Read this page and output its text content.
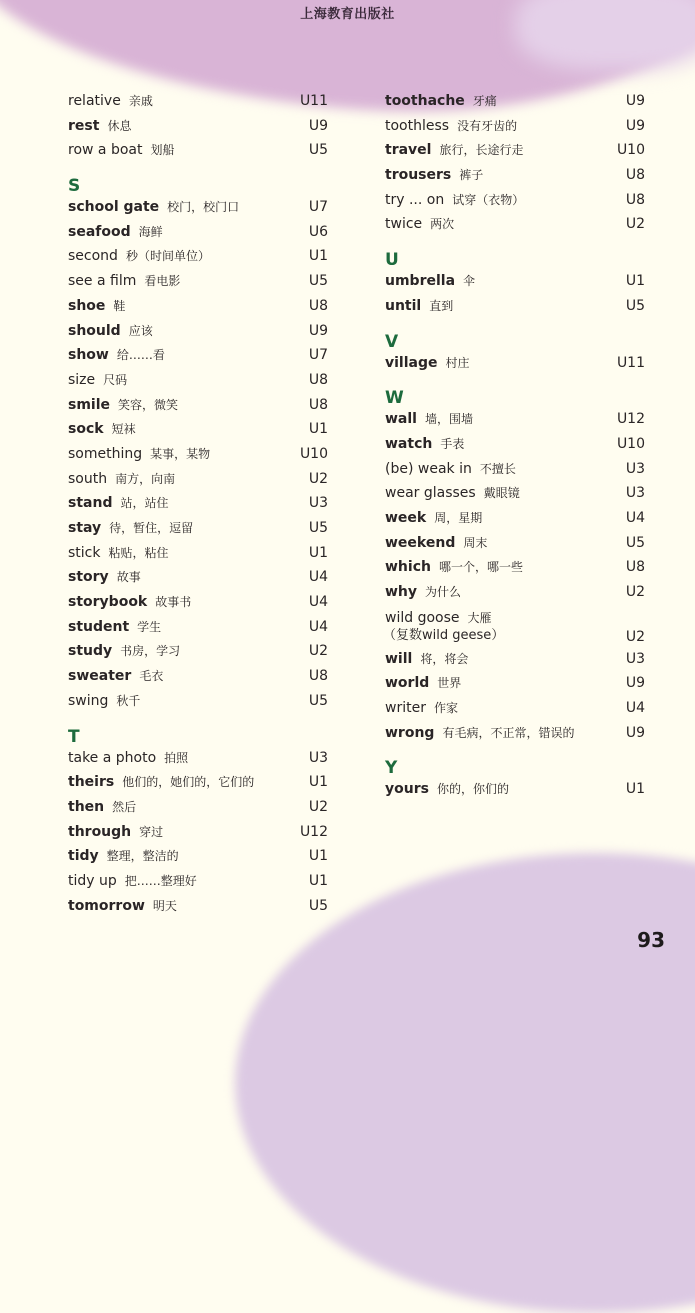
上海教育出版社
relative 亲戚	U11
rest 休息	U9
row a boat 划船	U5
S
school gate 校门，校门口	U7
seafood 海鲜	U6
second 秒（时间单位）	U1
see a film 看电影	U5
shoe 鞋	U8
should 应该	U9
show 给……看	U7
size 尺码	U8
smile 笑容，微笑	U8
sock 短袜	U1
something 某事，某物	U10
south 南方，向南	U2
stand 站，站住	U3
stay 待，暂住，逗留	U5
stick 粘贴，粘住	U1
story 故事	U4
storybook 故事书	U4
student 学生	U4
study 书房，学习	U2
sweater 毛衣	U8
swing 秋千	U5
T
take a photo 拍照	U3
theirs 他们的，她们的，它们的	U1
then 然后	U2
through 穿过	U12
tidy 整理，整洁的	U1
tidy up 把……整理好	U1
tomorrow 明天	U5
toothache 牙痛	U9
toothless 没有牙齿的	U9
travel 旅行，长途行走	U10
trousers 裤子	U8
try ... on 试穿（衣物）	U8
twice 两次	U2
U
umbrella 伞	U1
until 直到	U5
V
village 村庄	U11
W
wall 墙，围墙	U12
watch 手表	U10
(be) weak in 不擅长	U3
wear glasses 戴眼镜	U3
week 周，星期	U4
weekend 周末	U5
which 哪一个，哪一些	U8
why 为什么	U2
wild goose 大雁
（复数wild geese）	U2
will 将，将会	U3
world 世界	U9
writer 作家	U4
wrong 有毛病，不正常，错误的	U9
Y
yours 你的，你们的	U1
93
